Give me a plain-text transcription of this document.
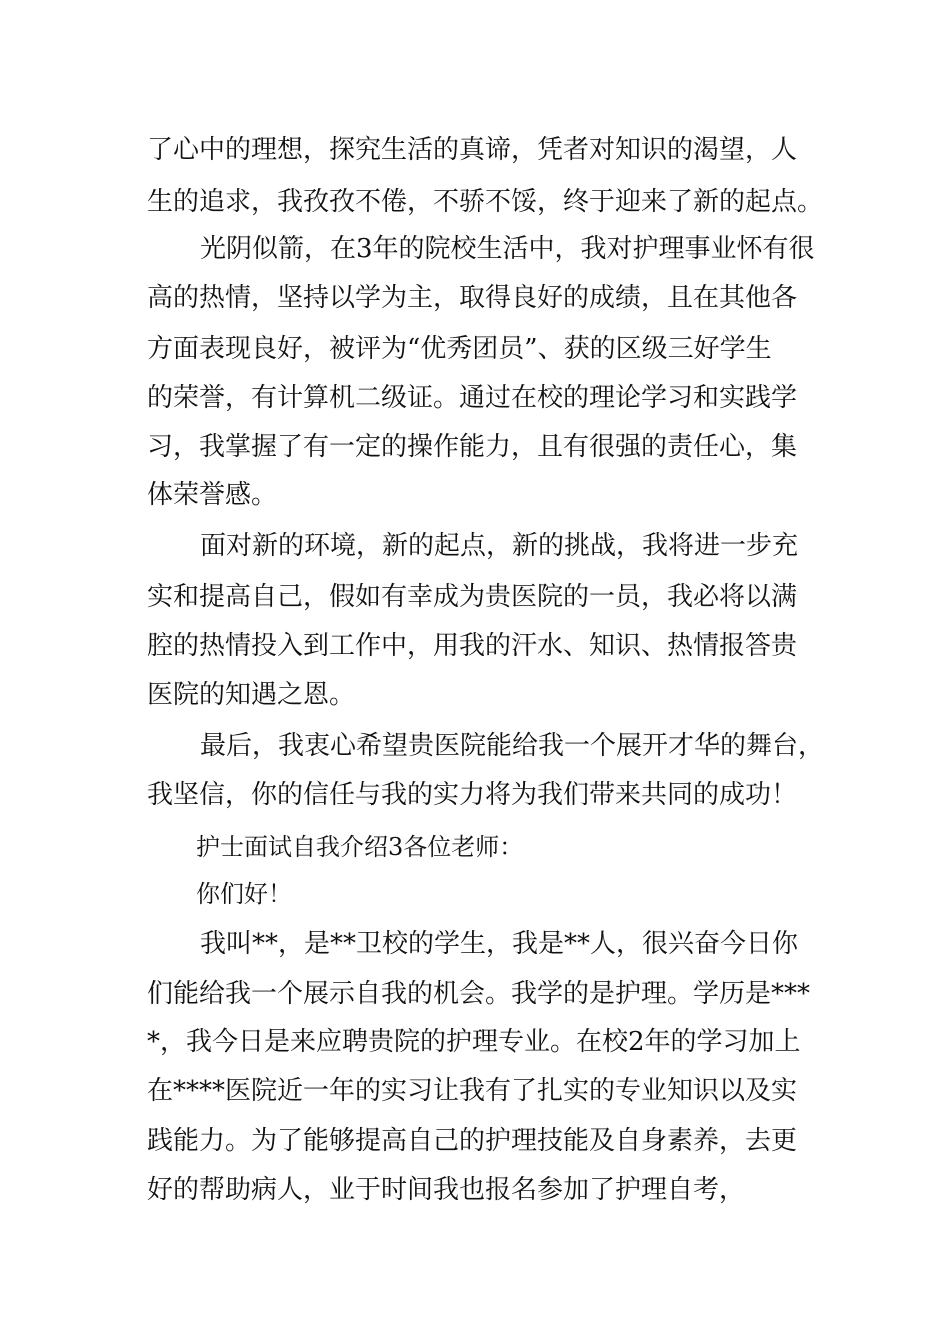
了心中的理想，探究生活的真谛，凭者对知识的渴望，人
生的追求，我孜孜不倦，不骄不馁，终于迎来了新的起点。
光阴似箭，在3年的院校生活中，我对护理事业怀有很
高的热情，坚持以学为主，取得良好的成绩，且在其他各
方面表现良好，被评为“优秀团员”、获的区级三好学生
的荣誉，有计算机二级证。通过在校的理论学习和实践学
习，我掌握了有一定的操作能力，且有很强的责任心，集
体荣誉感。
面对新的环境，新的起点，新的挑战，我将进一步充
实和提高自己，假如有幸成为贵医院的一员，我必将以满
腔的热情投入到工作中，用我的汗水、知识、热情报答贵
医院的知遇之恩。
最后，我衷心希望贵医院能给我一个展开才华的舞台，
我坚信，你的信任与我的实力将为我们带来共同的成功！
护士面试自我介绍3各位老师：
你们好！
我叫**，是**卫校的学生，我是**人，很兴奋今日你
们能给我一个展示自我的机会。我学的是护理。学历是***
*，我今日是来应聘贵院的护理专业。在校2年的学习加上
在****医院近一年的实习让我有了扎实的专业知识以及实
践能力。为了能够提高自己的护理技能及自身素养，去更
好的帮助病人，业于时间我也报名参加了护理自考，
